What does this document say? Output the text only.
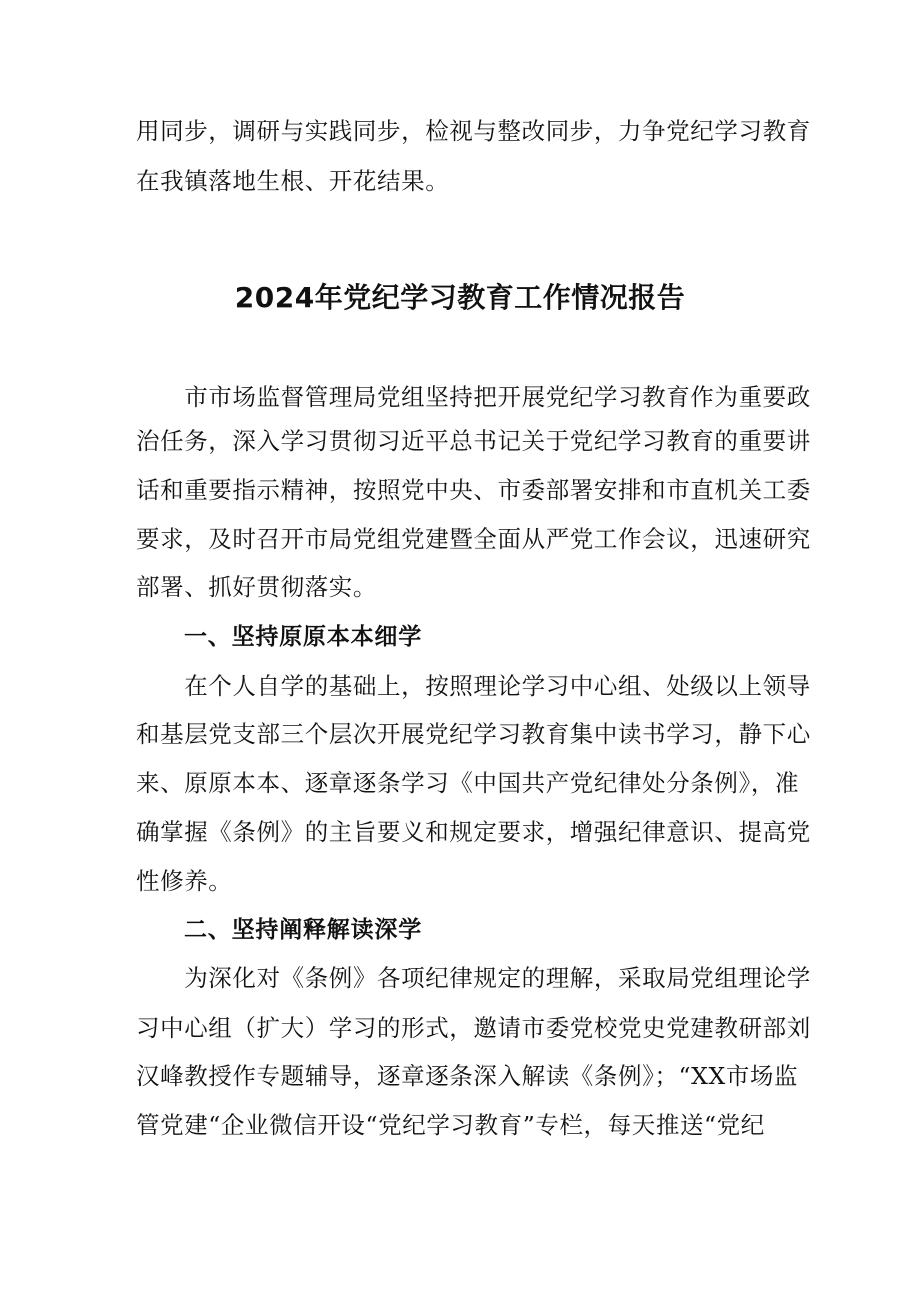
用同步，调研与实践同步，检视与整改同步，力争党纪学习教育
在我镇落地生根、开花结果。
2024年党纪学习教育工作情况报告
　　市市场监督管理局党组坚持把开展党纪学习教育作为重要政
治任务，深入学习贯彻习近平总书记关于党纪学习教育的重要讲
话和重要指示精神，按照党中央、市委部署安排和市直机关工委
要求，及时召开市局党组党建暨全面从严党工作会议，迅速研究
部署、抓好贯彻落实。
一、坚持原原本本细学
　　在个人自学的基础上，按照理论学习中心组、处级以上领导
和基层党支部三个层次开展党纪学习教育集中读书学习，静下心
来、原原本本、逐章逐条学习《中国共产党纪律处分条例》，准
确掌握《条例》的主旨要义和规定要求，增强纪律意识、提高党
性修养。
二、坚持阐释解读深学
　　为深化对《条例》各项纪律规定的理解，采取局党组理论学
习中心组（扩大）学习的形式，邀请市委党校党史党建教研部刘
汉峰教授作专题辅导，逐章逐条深入解读《条例》；“XX市场监
管党建“企业微信开设“党纪学习教育”专栏，每天推送“党纪
